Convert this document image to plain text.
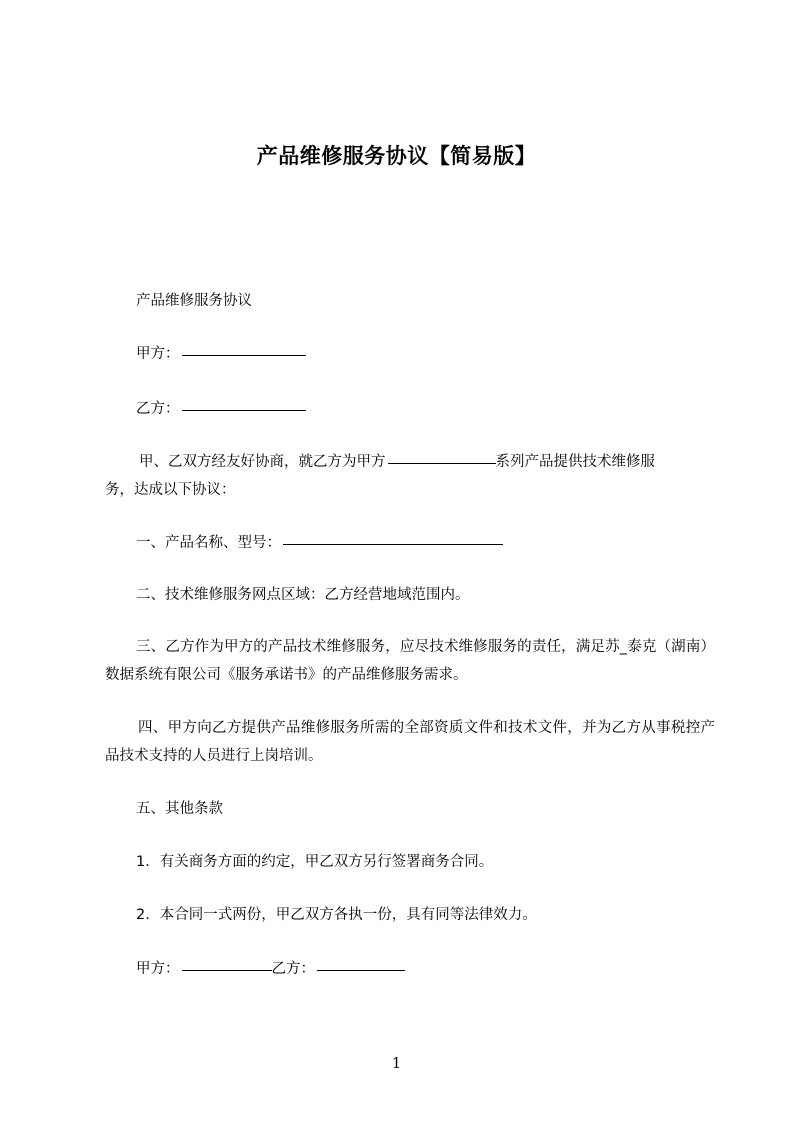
产品维修服务协议【简易版】
产品维修服务协议
甲方：
乙方：
甲、乙双方经友好协商，就乙方为甲方	系列产品提供技术维修服
务，达成以下协议：
一、产品名称、型号：
二、技术维修服务网点区域：乙方经营地域范围内。
三、乙方作为甲方的产品技术维修服务，应尽技术维修服务的责任，满足苏_泰克（湖南）数据系统有限公司《服务承诺书》的产品维修服务需求。
四、甲方向乙方提供产品维修服务所需的全部资质文件和技术文件，并为乙方从事税控产品技术支持的人员进行上岗培训。
五、其他条款
1．有关商务方面的约定，甲乙双方另行签署商务合同。
2．本合同一式两份，甲乙双方各执一份，具有同等法律效力。
甲方：	乙方：
1
